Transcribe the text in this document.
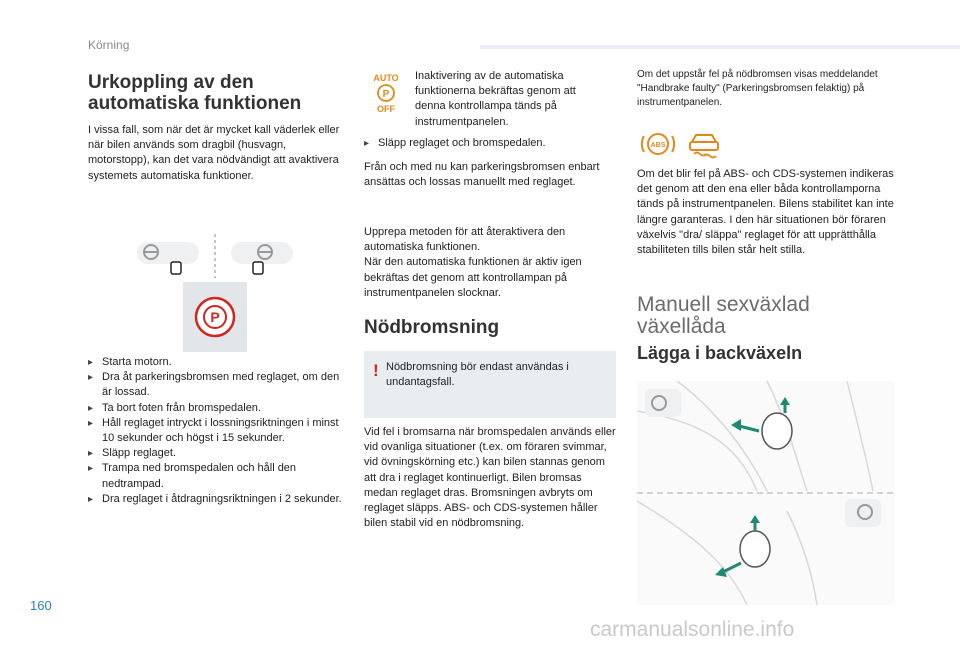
Körning
Urkoppling av den
automatiska funktionen
I vissa fall, som när det är mycket kall väderlek eller när bilen används som dragbil (husvagn, motorstopp), kan det vara nödvändigt att avaktivera systemets automatiska funktioner.
P
▸ Starta motorn.
▸ Dra åt parkeringsbromsen med reglaget, om den är lossad.
▸ Ta bort foten från bromspedalen.
▸ Håll reglaget intryckt i lossningsriktningen i minst 10 sekunder och högst i 15 sekunder.
▸ Släpp reglaget.
▸ Trampa ned bromspedalen och håll den nedtrampad.
▸ Dra reglaget i åtdragningsriktningen i 2 sekunder.
AUTO
P
OFF
Inaktivering av de automatiska funktionerna bekräftas genom att denna kontrollampa tänds på instrumentpanelen.
▸ Släpp reglaget och bromspedalen.
Från och med nu kan parkeringsbromsen enbart ansättas och lossas manuellt med reglaget.
Upprepa metoden för att återaktivera den automatiska funktionen.
När den automatiska funktionen är aktiv igen bekräftas det genom att kontrollampan på instrumentpanelen slocknar.
Nödbromsning
! Nödbromsning bör endast användas i undantagsfall.
Vid fel i bromsarna när bromspedalen används eller vid ovanliga situationer (t.ex. om föraren svimmar, vid övningskörning etc.) kan bilen stannas genom att dra i reglaget kontinuerligt. Bilen bromsas medan reglaget dras. Bromsningen avbryts om reglaget släpps. ABS- och CDS-systemen håller bilen stabil vid en nödbromsning.
Om det uppstår fel på nödbromsen visas meddelandet "Handbrake faulty" (Parkeringsbromsen felaktig) på instrumentpanelen.
ABS
Om det blir fel på ABS- och CDS-systemen indikeras det genom att den ena eller båda kontrollamporna tänds på instrumentpanelen. Bilens stabilitet kan inte längre garanteras. I den här situationen bör föraren växelvis "dra/ släppa" reglaget för att upprätthålla stabiliteten tills bilen står helt stilla.
Manuell sexväxlad
växellåda
Lägga i backväxeln
160
carmanualsonline.info
